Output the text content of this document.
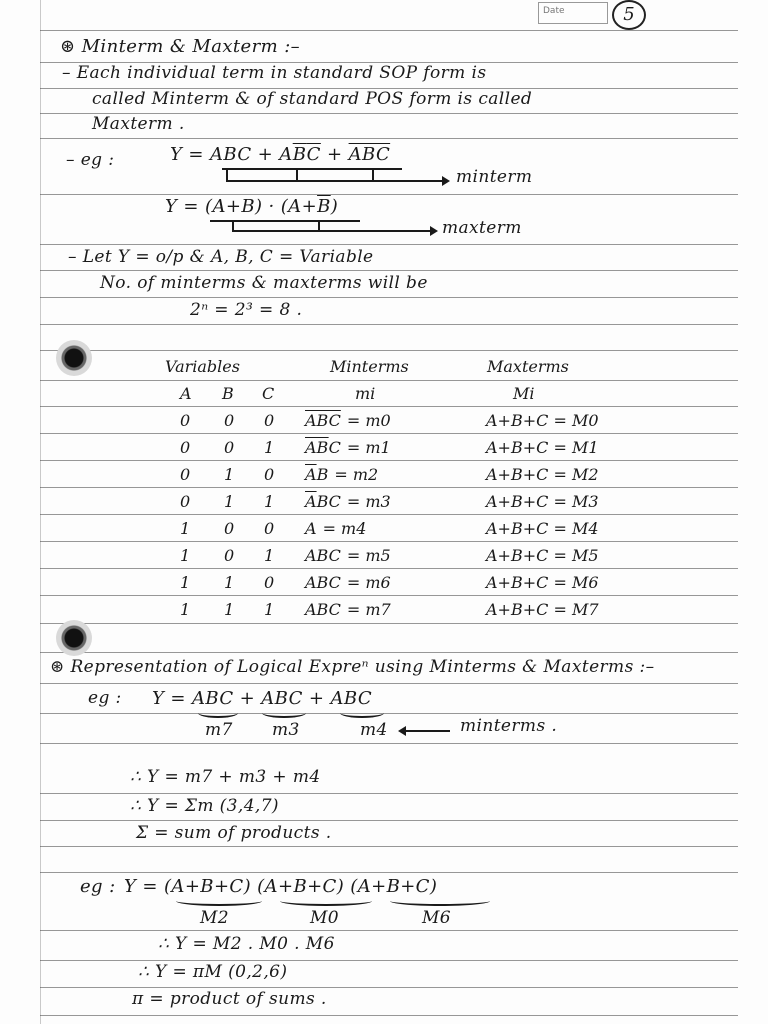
Date	5
⊛ Minterm & Maxterm :–
– Each individual term in standard SOP form is
called Minterm & of standard POS form is called
Maxterm .
– eg :	Y = ABC + $A\overline{B}\overline{C} + \overline{A}\overline{BC}$
minterm
$Y = (A+B) \cdot (A+\overline{B})$
maxterm
– Let Y = o/p & A, B, C = Variable
No. of minterms & maxterms will be
2ⁿ = 2³ = 8 .
Variables	Minterms	Maxterms
A B C	mi	Mi
0 0 0 $\overline{ABC} = m0$	A+B+C = M0
0 0 1 $\overline{AB}C = m1$	A+B+C = M1
0 1 0 $\overline{A}B = m2$	A+B+C = M2
0 1 1 $\overline{A}BC = m3$	A+B+C = M3
1 0 0 A = m4	A+B+C = M4
1 0 1 ABC = m5	A+B+C = M5
1 1 0 ABC = m6	A+B+C = M6
1 1 1 ABC = m7	A+B+C = M7
⊛ Representation of Logical Expreⁿ using Minterms & Maxterms :–
eg : Y = ABC + ABC + ABC
m7 m3	m4	minterms .
∴ Y = m7 + m3 + m4
∴ Y = Σm (3,4,7)
Σ = sum of products .
eg : Y = (A+B+C) (A+B+C) (A+B+C)
M2	M0	M6
∴ Y = M2 . M0 . M6
∴ Y = πM (0,2,6)
π = product of sums .
